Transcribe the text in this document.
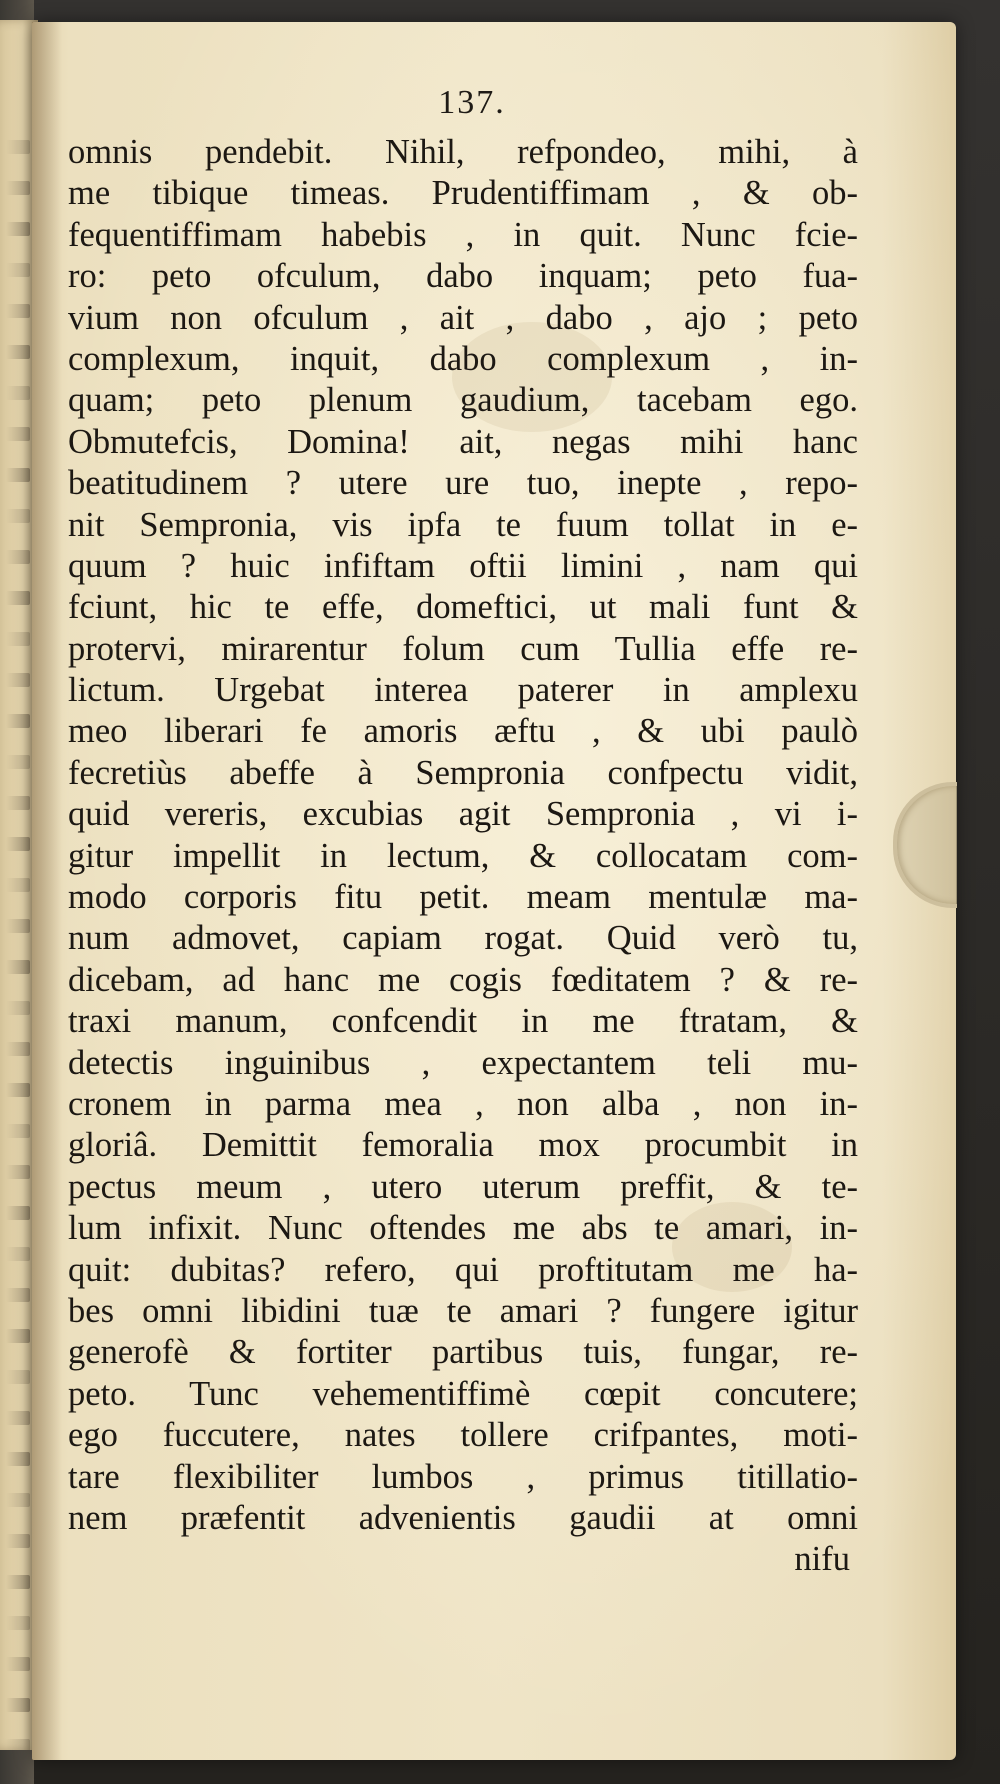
137.
omnis pendebit. Nihil, refpondeo, mihi, à
me tibique timeas. Prudentiffimam , & ob-
fequentiffimam habebis , in quit. Nunc fcie-
ro: peto ofculum, dabo inquam; peto fua-
vium non ofculum , ait , dabo , ajo ; peto
complexum, inquit, dabo complexum , in-
quam; peto plenum gaudium, tacebam ego.
Obmutefcis, Domina! ait, negas mihi hanc
beatitudinem ? utere ure tuo, inepte , repo-
nit Sempronia, vis ipfa te fuum tollat in e-
quum ? huic infiftam oftii limini , nam qui
fciunt, hic te effe, domeftici, ut mali funt &
protervi, mirarentur folum cum Tullia effe re-
lictum. Urgebat interea paterer in amplexu
meo liberari fe amoris æftu , & ubi paulò
fecretiùs abeffe à Sempronia confpectu vidit,
quid vereris, excubias agit Sempronia , vi i-
gitur impellit in lectum, & collocatam com-
modo corporis fitu petit. meam mentulæ ma-
num admovet, capiam rogat. Quid verò tu,
dicebam, ad hanc me cogis fœditatem ? & re-
traxi manum, confcendit in me ftratam, &
detectis inguinibus , expectantem teli mu-
cronem in parma mea , non alba , non in-
gloriâ. Demittit femoralia mox procumbit in
pectus meum , utero uterum preffit, & te-
lum infixit. Nunc oftendes me abs te amari, in-
quit: dubitas? refero, qui proftitutam me ha-
bes omni libidini tuæ te amari ? fungere igitur
generofè & fortiter partibus tuis, fungar, re-
peto. Tunc vehementiffimè cœpit concutere;
ego fuccutere, nates tollere crifpantes, moti-
tare flexibiliter lumbos , primus titillatio-
nem præfentit advenientis gaudii at omni
nifu
